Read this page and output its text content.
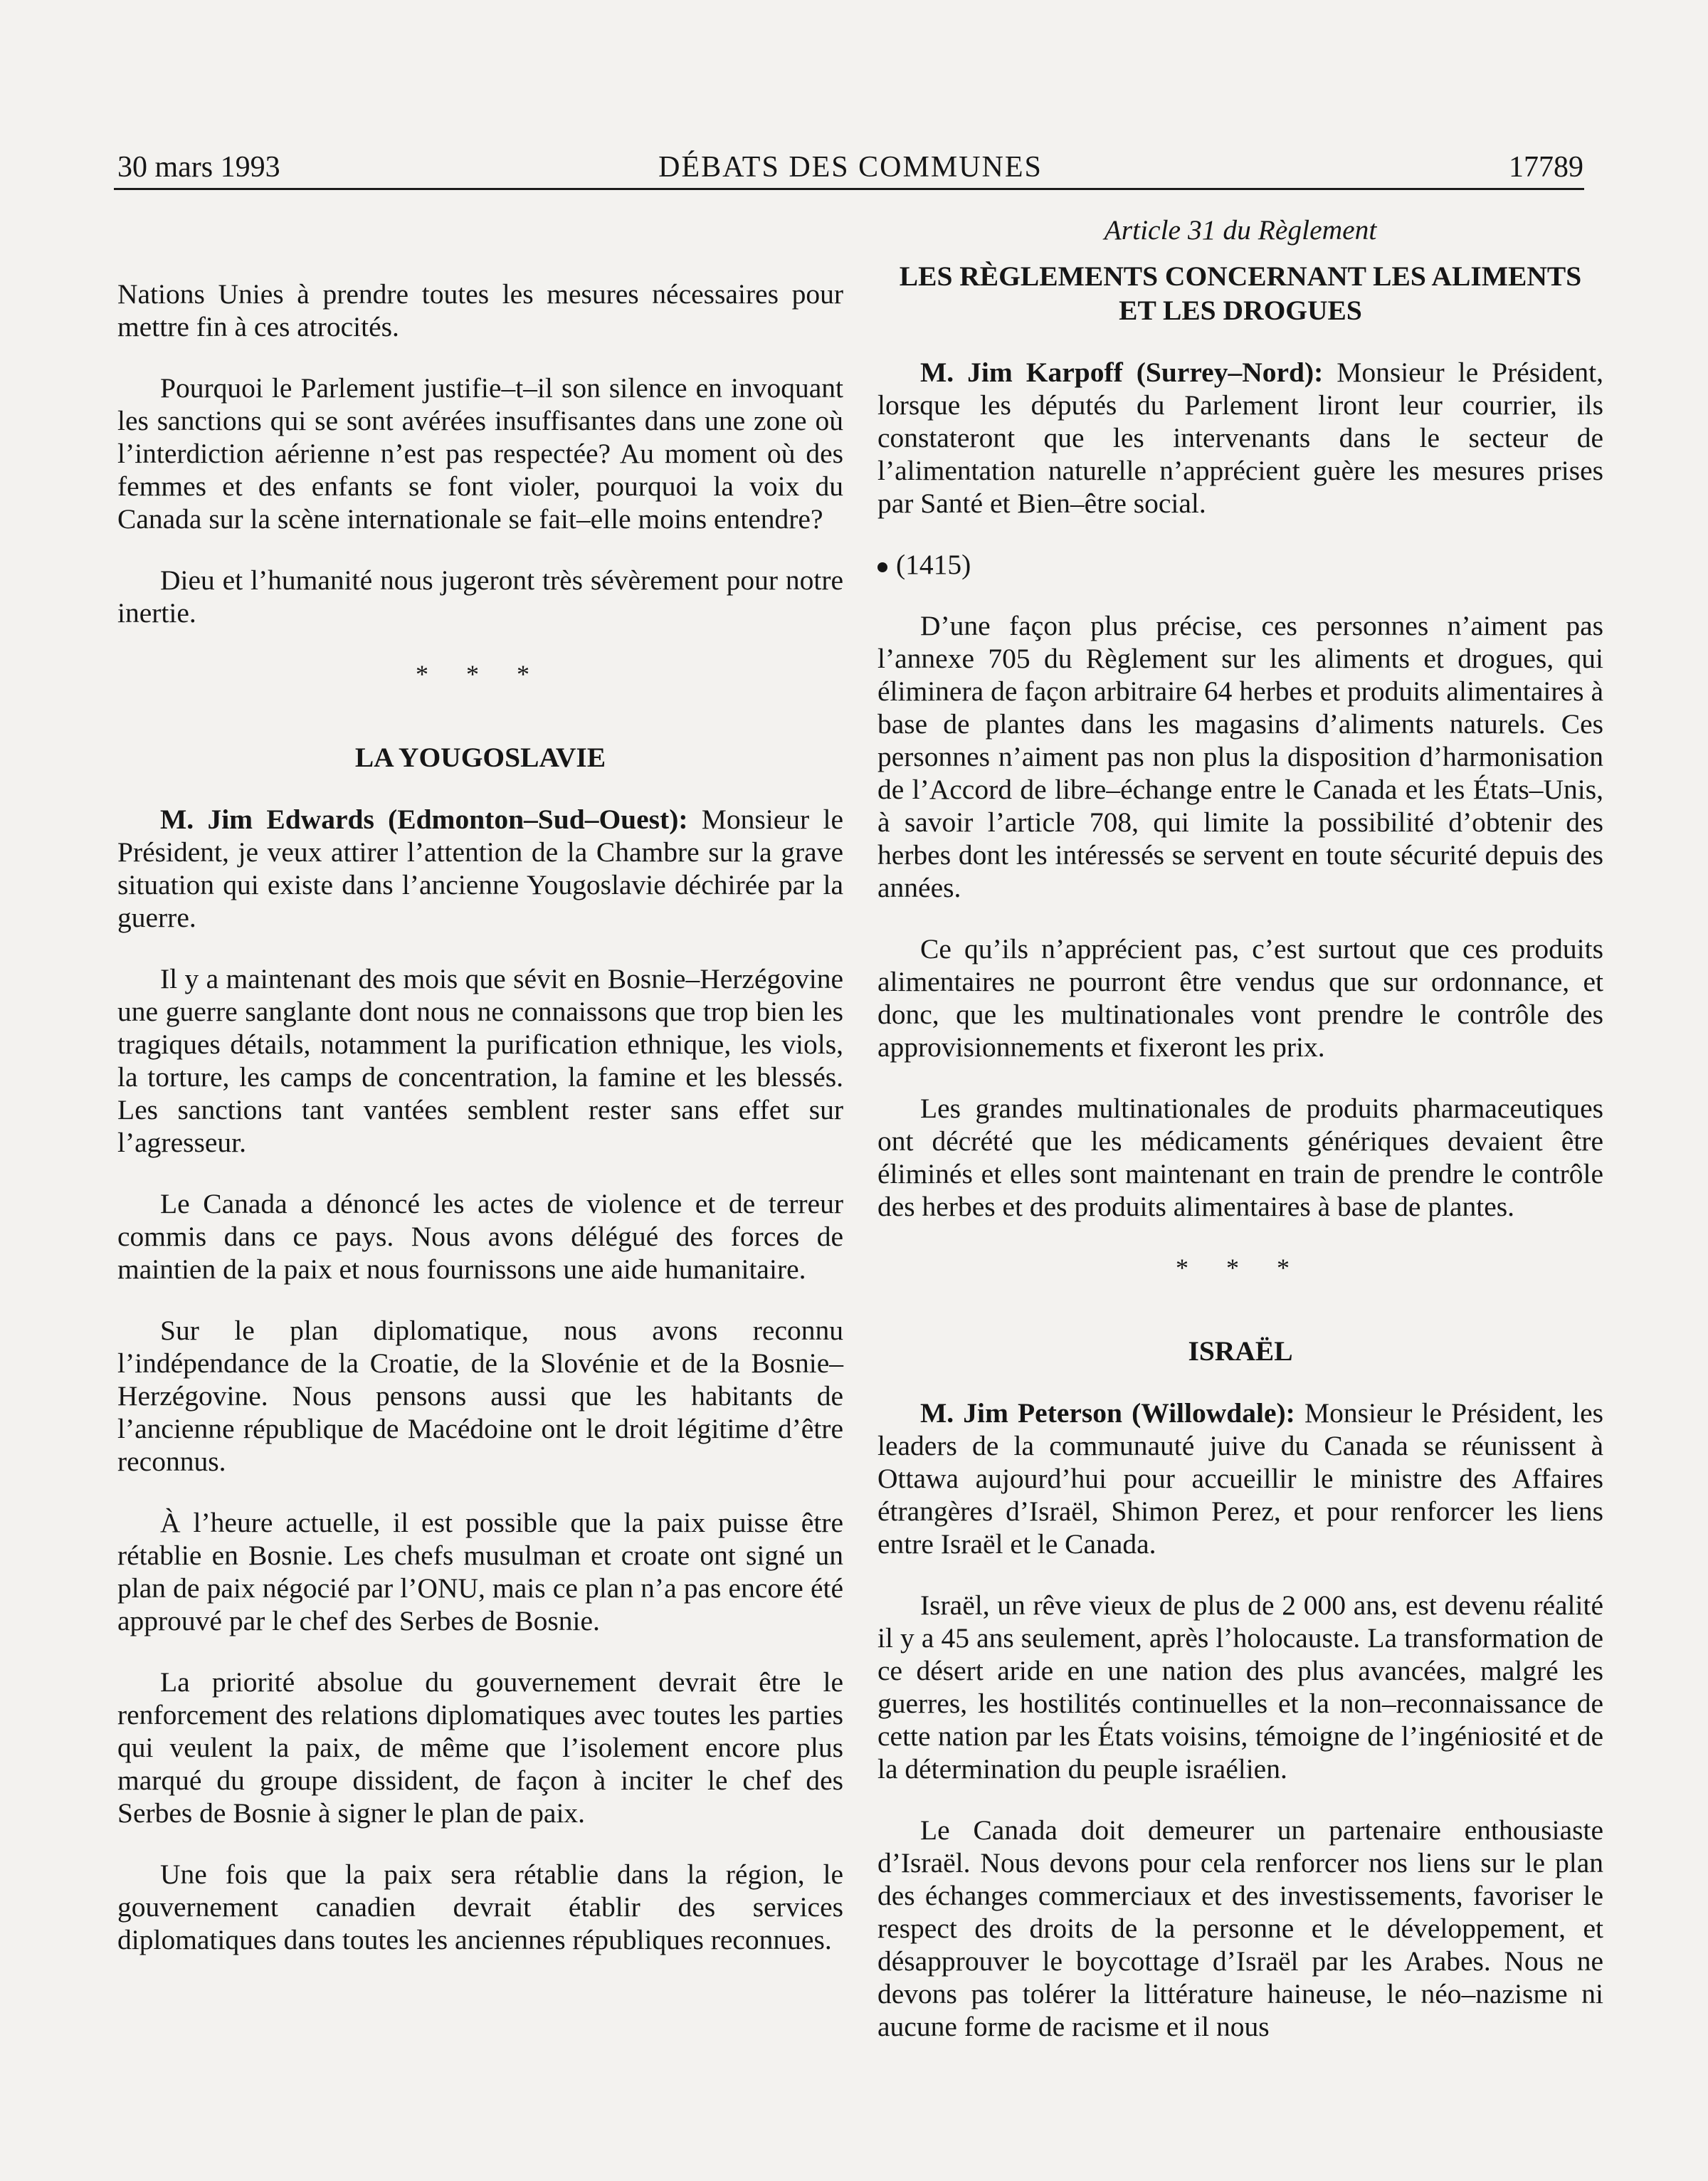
30 mars 1993	DÉBATS DES COMMUNES	17789

Nations Unies à prendre toutes les mesures nécessaires pour mettre fin à ces atrocités.

Pourquoi le Parlement justifie–t–il son silence en invoquant les sanctions qui se sont avérées insuffisantes dans une zone où l’interdiction aérienne n’est pas respectée? Au moment où des femmes et des enfants se font violer, pourquoi la voix du Canada sur la scène internationale se fait–elle moins entendre?

Dieu et l’humanité nous jugeront très sévèrement pour notre inertie.

* * *
LA YOUGOSLAVIE

M. Jim Edwards (Edmonton–Sud–Ouest): Monsieur le Président, je veux attirer l’attention de la Chambre sur la grave situation qui existe dans l’ancienne Yougoslavie déchirée par la guerre.

Il y a maintenant des mois que sévit en Bosnie–Herzégovine une guerre sanglante dont nous ne connaissons que trop bien les tragiques détails, notamment la purification ethnique, les viols, la torture, les camps de concentration, la famine et les blessés. Les sanctions tant vantées semblent rester sans effet sur l’agresseur.

Le Canada a dénoncé les actes de violence et de terreur commis dans ce pays. Nous avons délégué des forces de maintien de la paix et nous fournissons une aide humanitaire.

Sur le plan diplomatique, nous avons reconnu l’indépendance de la Croatie, de la Slovénie et de la Bosnie–Herzégovine. Nous pensons aussi que les habitants de l’ancienne république de Macédoine ont le droit légitime d’être reconnus.

À l’heure actuelle, il est possible que la paix puisse être rétablie en Bosnie. Les chefs musulman et croate ont signé un plan de paix négocié par l’ONU, mais ce plan n’a pas encore été approuvé par le chef des Serbes de Bosnie.

La priorité absolue du gouvernement devrait être le renforcement des relations diplomatiques avec toutes les parties qui veulent la paix, de même que l’isolement encore plus marqué du groupe dissident, de façon à inciter le chef des Serbes de Bosnie à signer le plan de paix.

Une fois que la paix sera rétablie dans la région, le gouvernement canadien devrait établir des services diplomatiques dans toutes les anciennes républiques reconnues.

Article 31 du Règlement
LES RÈGLEMENTS CONCERNANT LES ALIMENTS ET LES DROGUES

M. Jim Karpoff (Surrey–Nord): Monsieur le Président, lorsque les députés du Parlement liront leur courrier, ils constateront que les intervenants dans le secteur de l’alimentation naturelle n’apprécient guère les mesures prises par Santé et Bien–être social.

(1415)

D’une façon plus précise, ces personnes n’aiment pas l’annexe 705 du Règlement sur les aliments et drogues, qui éliminera de façon arbitraire 64 herbes et produits alimentaires à base de plantes dans les magasins d’aliments naturels. Ces personnes n’aiment pas non plus la disposition d’harmonisation de l’Accord de libre–échange entre le Canada et les États–Unis, à savoir l’article 708, qui limite la possibilité d’obtenir des herbes dont les intéressés se servent en toute sécurité depuis des années.

Ce qu’ils n’apprécient pas, c’est surtout que ces produits alimentaires ne pourront être vendus que sur ordonnance, et donc, que les multinationales vont prendre le contrôle des approvisionnements et fixeront les prix.

Les grandes multinationales de produits pharmaceutiques ont décrété que les médicaments génériques devaient être éliminés et elles sont maintenant en train de prendre le contrôle des herbes et des produits alimentaires à base de plantes.

* * *
ISRAËL

M. Jim Peterson (Willowdale): Monsieur le Président, les leaders de la communauté juive du Canada se réunissent à Ottawa aujourd’hui pour accueillir le ministre des Affaires étrangères d’Israël, Shimon Perez, et pour renforcer les liens entre Israël et le Canada.

Israël, un rêve vieux de plus de 2 000 ans, est devenu réalité il y a 45 ans seulement, après l’holocauste. La transformation de ce désert aride en une nation des plus avancées, malgré les guerres, les hostilités continuelles et la non–reconnaissance de cette nation par les États voisins, témoigne de l’ingéniosité et de la détermination du peuple israélien.

Le Canada doit demeurer un partenaire enthousiaste d’Israël. Nous devons pour cela renforcer nos liens sur le plan des échanges commerciaux et des investissements, favoriser le respect des droits de la personne et le développement, et désapprouver le boycottage d’Israël par les Arabes. Nous ne devons pas tolérer la littérature haineuse, le néo–nazisme ni aucune forme de racisme et il nous
